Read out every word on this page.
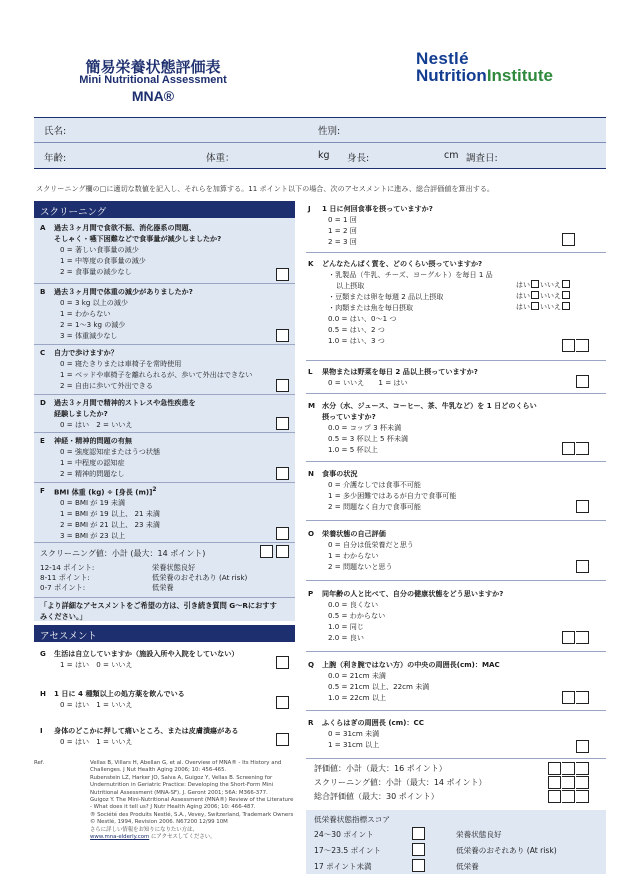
簡易栄養状態評価表
Mini Nutritional Assessment
MNA®
Nestlé
NutritionInstitute
氏名:	性別:
年齢:	体重：	kg 身長:	cm 調査日:
スクリーニング欄の□に適切な数値を記入し、それらを加算する。11 ポイント以下の場合、次のアセスメントに進み、総合評価値を算出する。
スクリーニング
A 過去３ヶ月間で食欲不振、消化器系の問題、
そしゃく・嚥下困難などで食事量が減少しましたか?
0 = 著しい食事量の減少
1 = 中等度の食事量の減少
2 = 食事量の減少なし
B 過去３ヶ月間で体重の減少がありましたか?
0 = 3 kg 以上の減少
1 = わからない
2 = 1～3 kg の減少
3 = 体重減少なし
C 自力で歩けますか？
0 = 寝たきりまたは車椅子を常時使用
1 = ベッドや車椅子を離れられるが、歩いて外出はできない
2 = 自由に歩いて外出できる
D 過去３ヶ月間で精神的ストレスや急性疾患を
経験しましたか?
0 = はい　2 = いいえ
E 神経・精神的問題の有無
0 = 強度認知症またはうつ状態
1 = 中程度の認知症
2 = 精神的問題なし
F BMI 体重 (kg) ÷ [身長 (m)]$^2$
0 = BMI が 19 未満
1 = BMI が 19 以上、 21 未満
2 = BMI が 21 以上、 23 未満
3 = BMI が 23 以上
スクリーニング値：小計 (最大：14 ポイント)
12-14 ポイント:	栄養状態良好
8-11 ポイント:	低栄養のおそれあり (At risk)
0-7 ポイント:	低栄養
「より詳細なアセスメントをご希望の方は、引き続き質問 G～Rにおすす
みください。」
アセスメント
G 生活は自立していますか（施設入所や入院をしていない）
1 = はい　0 = いいえ
H 1 日に 4 種類以上の処方薬を飲んでいる
0 = はい　1 = いいえ
I 身体のどこかに押して痛いところ、または皮膚潰瘍がある
0 = はい　1 = いいえ
Ref.	Vellas B, Villars H, Abellan G, et al. Overview of MNA® - Its History and
Challenges. J Nut Health Aging 2006; 10: 456-465.
Rubenstein LZ, Harker JO, Salva A, Guigoz Y, Vellas B. Screening for
Undernutrition in Geriatric Practice: Developing the Short-Form Mini
Nutritional Assessment (MNA-SF). J. Geront 2001; 56A: M366-377.
Guigoz Y. The Mini-Nutritional Assessment (MNA®) Review of the Literature
- What does it tell us? J Nutr Health Aging 2006; 10: 466-487.
® Société des Produits Nestlé, S.A., Vevey, Switzerland, Trademark Owners
© Nestlé, 1994, Revision 2006. N67200 12/99 10M
さらに詳しい情報をお知りになりたい方は、
www.mna-elderly.com にアクセスしてください。
J 1 日に何回食事を摂っていますか?
0 = 1 回
1 = 2 回
2 = 3 回
K どんなたんぱく質を、どのくらい摂っていますか?
・乳製品（牛乳、チーズ、ヨーグルト）を毎日 1 品
以上摂取
・豆類または卵を毎週 2 品以上摂取
・肉類または魚を毎日摂取
0.0 = はい、0～1 つ
0.5 = はい、2 つ
1.0 = はい、3 つ
はい いいえ
はい いいえ
はい いいえ
L 果物または野菜を毎日 2 品以上摂っていますか?
0 = いいえ　　1 = はい
M 水分（水、ジュース、コーヒー、茶、牛乳など）を 1 日どのくらい
摂っていますか?
0.0 = コップ 3 杯未満
0.5 = 3 杯以上 5 杯未満
1.0 = 5 杯以上
N 食事の状況
0 = 介護なしでは食事不可能
1 = 多少困難ではあるが自力で食事可能
2 = 問題なく自力で食事可能
O 栄養状態の自己評価
0 = 自分は低栄養だと思う
1 = わからない
2 = 問題ないと思う
P 同年齢の人と比べて、自分の健康状態をどう思いますか?
0.0 = 良くない
0.5 = わからない
1.0 = 同じ
2.0 = 良い
Q 上腕（利き腕ではない方）の中央の周囲長(cm)：MAC
0.0 = 21cm 未満
0.5 = 21cm 以上、22cm 未満
1.0 = 22cm 以上
R ふくらはぎの周囲長 (cm)：CC
0 = 31cm 未満
1 = 31cm 以上
評価値：小計（最大：16 ポイント）
スクリーニング値：小計（最大：14 ポイント）
総合評価値（最大：30 ポイント）
低栄養状態指標スコア
24～30 ポイント	栄養状態良好
17～23.5 ポイント	低栄養のおそれあり (At risk)
17 ポイント未満	低栄養
